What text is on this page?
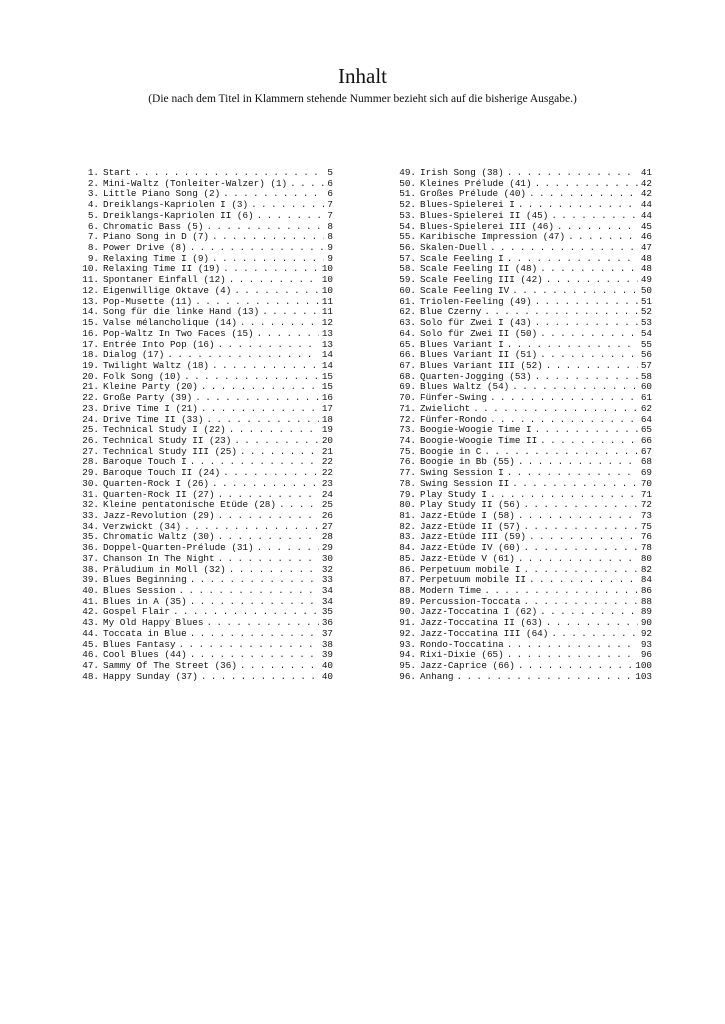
Inhalt
(Die nach dem Titel in Klammern stehende Nummer bezieht sich auf die bisherige Ausgabe.)
1. Start . . .	5
2. Mini-Waltz (Tonleiter-Walzer) (1) . . .	6
3. Little Piano Song (2) . . .	6
4. Dreiklangs-Kapriolen I (3) . . .	7
5. Dreiklangs-Kapriolen II (6) . . .	7
6. Chromatic Bass (5) . . .	8
7. Piano Song in D (7) . . .	8
8. Power Drive (8) . . .	9
9. Relaxing Time I (9) . . .	9
10. Relaxing Time II (19) . . .	10
11. Spontaner Einfall (12) . . .	10
12. Eigenwillige Oktave (4) . . .	10
13. Pop-Musette (11) . . .	11
14. Song für die linke Hand (13) . . .	11
15. Valse mélancholique (14) . . .	12
16. Pop-Waltz In Two Faces (15) . . .	13
17. Entrée Into Pop (16) . . .	13
18. Dialog (17) . . .	14
19. Twilight Waltz (18) . . .	14
20. Folk Song (10) . . .	15
21. Kleine Party (20) . . .	15
22. Große Party (39) . . .	16
23. Drive Time I (21) . . .	17
24. Drive Time II (33) . . .	18
25. Technical Study I (22) . . .	19
26. Technical Study II (23) . . .	20
27. Technical Study III (25) . . .	21
28. Baroque Touch I . . .	22
29. Baroque Touch II (24) . . .	22
30. Quarten-Rock I (26) . . .	23
31. Quarten-Rock II (27) . . .	24
32. Kleine pentatonische Etüde (28) . . .	25
33. Jazz-Revolution (29) . . .	26
34. Verzwickt (34) . . .	27
35. Chromatic Waltz (30) . . .	28
36. Doppel-Quarten-Prélude (31) . . .	29
37. Chanson In The Night . . .	30
38. Präludium in Moll (32) . . .	32
39. Blues Beginning . . .	33
40. Blues Session . . .	34
41. Blues in A (35) . . .	34
42. Gospel Flair . . .	35
43. My Old Happy Blues . . .	36
44. Toccata in Blue . . .	37
45. Blues Fantasy . . .	38
46. Cool Blues (44) . . .	39
47. Sammy Of The Street (36) . . .	40
48. Happy Sunday (37) . . .	40
49. Irish Song (38) . . .	41
50. Kleines Prélude (41) . . .	42
51. Großes Prélude (40) . . .	42
52. Blues-Spielerei I . . .	44
53. Blues-Spielerei II (45) . . .	44
54. Blues-Spielerei III (46) . . .	45
55. Karibische Impression (47) . . .	46
56. Skalen-Duell . . .	47
57. Scale Feeling I . . .	48
58. Scale Feeling II (48) . . .	48
59. Scale Feeling III (42) . . .	49
60. Scale Feeling IV . . .	50
61. Triolen-Feeling (49) . . .	51
62. Blue Czerny . . .	52
63. Solo für Zwei I (43) . . .	53
64. Solo für Zwei II (50) . . .	54
65. Blues Variant I . . .	55
66. Blues Variant II (51) . . .	56
67. Blues Variant III (52) . . .	57
68. Quarten-Jogging (53) . . .	58
69. Blues Waltz (54) . . .	60
70. Fünfer-Swing . . .	61
71. Zwielicht . . .	62
72. Fünfer-Rondo . . .	64
73. Boogie-Woogie Time I . . .	65
74. Boogie-Woogie Time II . . .	66
75. Boogie in C . . .	67
76. Boogie in Bb (55) . . .	68
77. Swing Session I . . .	69
78. Swing Session II . . .	70
79. Play Study I . . .	71
80. Play Study II (56) . . .	72
81. Jazz-Etüde I (58) . . .	73
82. Jazz-Etüde II (57) . . .	75
83. Jazz-Etüde III (59) . . .	76
84. Jazz-Etüde IV (60) . . .	78
85. Jazz-Etüde V (61) . . .	80
86. Perpetuum mobile I . . .	82
87. Perpetuum mobile II . . .	84
88. Modern Time . . .	86
89. Percussion-Toccata . . .	88
90. Jazz-Toccatina I (62) . . .	89
91. Jazz-Toccatina II (63) . . .	90
92. Jazz-Toccatina III (64) . . .	92
93. Rondo-Toccatina . . .	93
94. Rixi-Dixie (65) . . .	96
95. Jazz-Caprice (66) . . .	100
96. Anhang . . .	103
